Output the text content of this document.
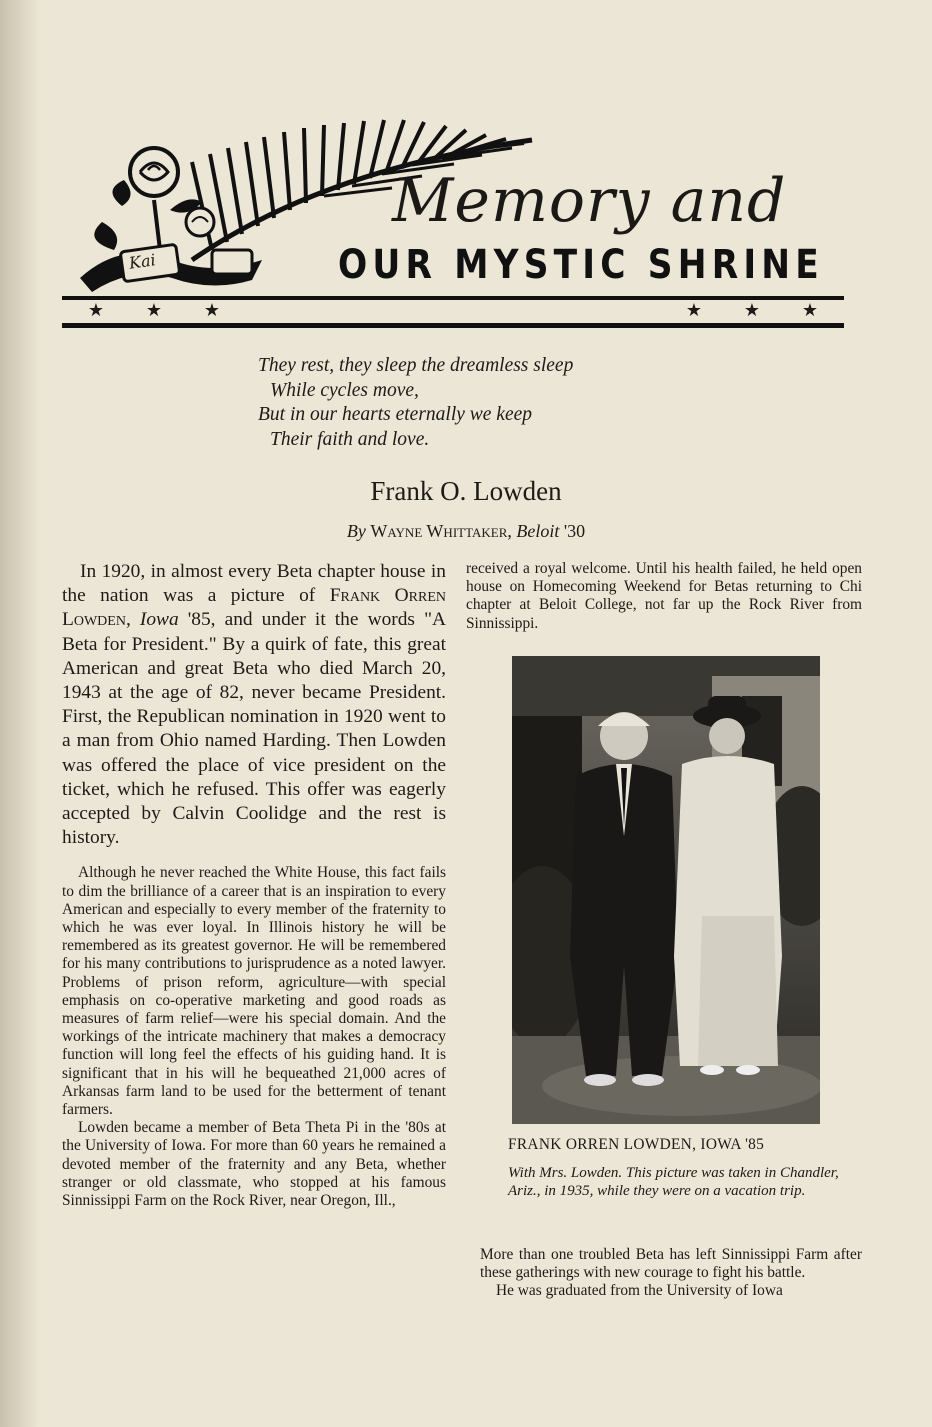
Kai
Memory and
OUR MYSTIC SHRINE
★ ★ ★	★ ★ ★
They rest, they sleep the dreamless sleep
While cycles move,
But in our hearts eternally we keep
Their faith and love.
Frank O. Lowden
By Wayne Whittaker, Beloit '30

In 1920, in almost every Beta chapter house in the nation was a picture of Frank Orren Lowden, Iowa '85, and under it the words "A Beta for President." By a quirk of fate, this great American and great Beta who died March 20, 1943 at the age of 82, never became President. First, the Republican nomination in 1920 went to a man from Ohio named Harding. Then Lowden was offered the place of vice president on the ticket, which he refused. This offer was eagerly accepted by Calvin Coolidge and the rest is history.

Although he never reached the White House, this fact fails to dim the brilliance of a career that is an inspiration to every American and especially to every member of the fraternity to which he was ever loyal. In Illinois history he will be remembered as its greatest governor. He will be remembered for his many contributions to jurisprudence as a noted lawyer. Problems of prison reform, agriculture—with special emphasis on co-operative marketing and good roads as measures of farm relief—were his special domain. And the workings of the intricate machinery that makes a democracy function will long feel the effects of his guiding hand. It is significant that in his will he bequeathed 21,000 acres of Arkansas farm land to be used for the betterment of tenant farmers.

Lowden became a member of Beta Theta Pi in the '80s at the University of Iowa. For more than 60 years he remained a devoted member of the fraternity and any Beta, whether stranger or old classmate, who stopped at his famous Sinnissippi Farm on the Rock River, near Oregon, Ill.,

received a royal welcome. Until his health failed, he held open house on Homecoming Weekend for Betas returning to Chi chapter at Beloit College, not far up the Rock River from Sinnissippi.

FRANK ORREN LOWDEN, IOWA '85
With Mrs. Lowden. This picture was taken in Chandler, Ariz., in 1935, while they were on a vacation trip.

More than one troubled Beta has left Sinnissippi Farm after these gatherings with new courage to fight his battle.

He was graduated from the University of Iowa
